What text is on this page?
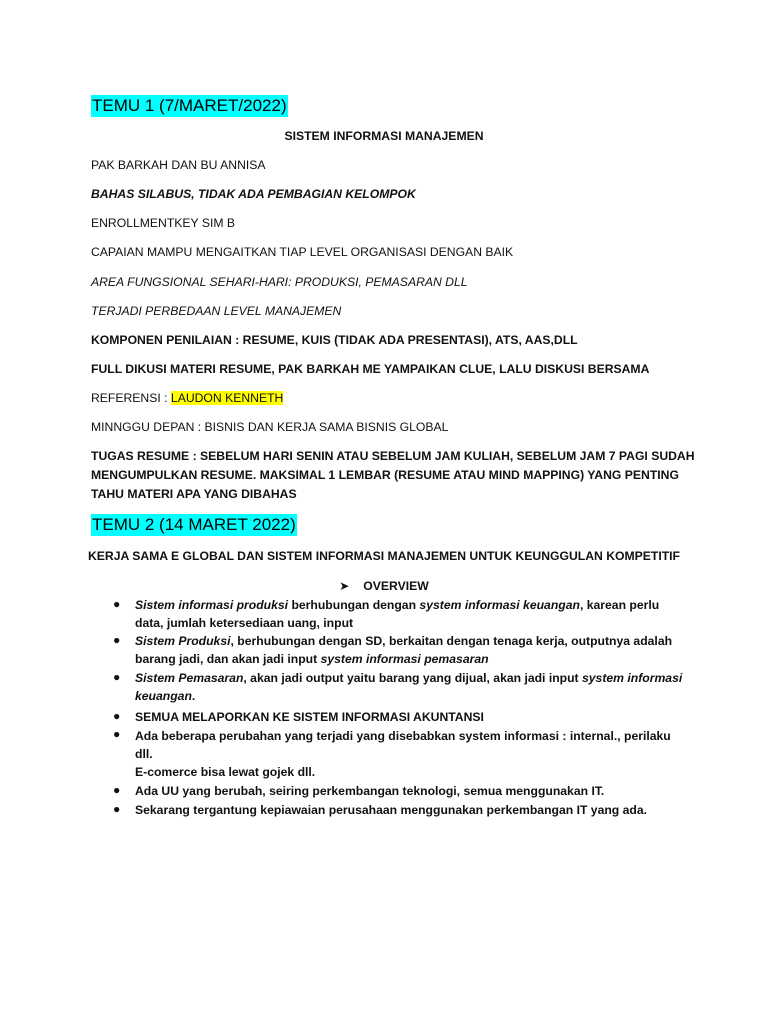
TEMU 1 (7/MARET/2022)
SISTEM INFORMASI MANAJEMEN
PAK BARKAH DAN BU ANNISA
BAHAS SILABUS, TIDAK ADA PEMBAGIAN KELOMPOK
ENROLLMENTKEY SIM B
CAPAIAN MAMPU MENGAITKAN TIAP LEVEL ORGANISASI DENGAN BAIK
AREA FUNGSIONAL SEHARI-HARI: PRODUKSI, PEMASARAN DLL
TERJADI PERBEDAAN LEVEL MANAJEMEN
KOMPONEN PENILAIAN : RESUME, KUIS (TIDAK ADA PRESENTASI), ATS, AAS,DLL
FULL DIKUSI MATERI RESUME, PAK BARKAH ME YAMPAIKAN CLUE, LALU DISKUSI BERSAMA
REFERENSI : LAUDON KENNETH
MINNGGU DEPAN : BISNIS DAN KERJA SAMA BISNIS GLOBAL
TUGAS RESUME : SEBELUM HARI SENIN ATAU SEBELUM JAM KULIAH, SEBELUM JAM 7 PAGI SUDAH
MENGUMPULKAN RESUME. MAKSIMAL 1 LEMBAR (RESUME ATAU MIND MAPPING) YANG PENTING
TAHU MATERI APA YANG DIBAHAS
TEMU 2 (14 MARET 2022)
KERJA SAMA E GLOBAL DAN SISTEM INFORMASI MANAJEMEN UNTUK KEUNGGULAN KOMPETITIF
➤ OVERVIEW
● Sistem informasi produksi berhubungan dengan system informasi keuangan, karean perlu
data, jumlah ketersediaan uang, input
● Sistem Produksi, berhubungan dengan SD, berkaitan dengan tenaga kerja, outputnya adalah
barang jadi, dan akan jadi input system informasi pemasaran
● Sistem Pemasaran, akan jadi output yaitu barang yang dijual, akan jadi input system informasi
keuangan.
● SEMUA MELAPORKAN KE SISTEM INFORMASI AKUNTANSI
● Ada beberapa perubahan yang terjadi yang disebabkan system informasi : internal., perilaku
dll.
E-comerce bisa lewat gojek dll.
● Ada UU yang berubah, seiring perkembangan teknologi, semua menggunakan IT.
● Sekarang tergantung kepiawaian perusahaan menggunakan perkembangan IT yang ada.
